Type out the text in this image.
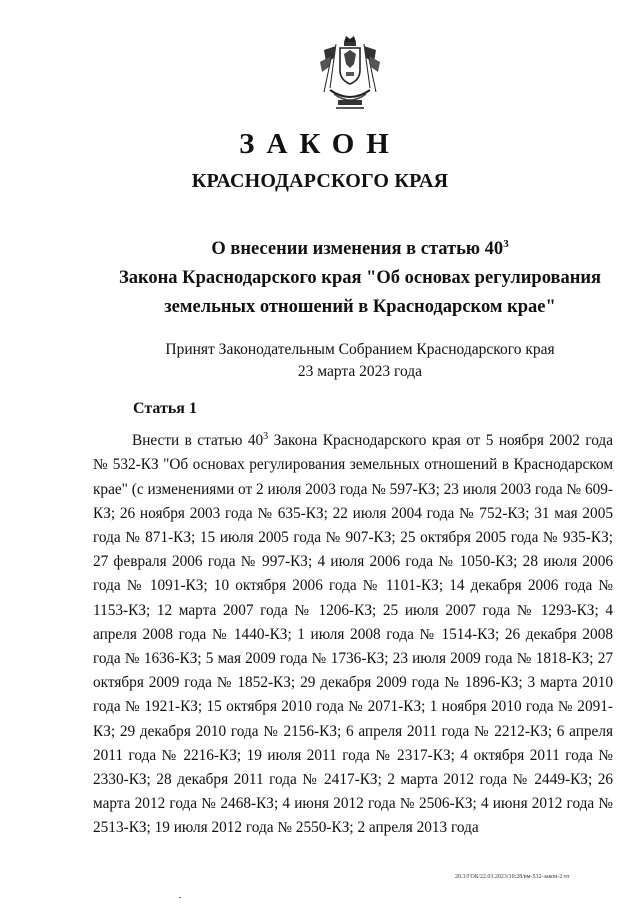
ЗАКОН
КРАСНОДАРСКОГО КРАЯ
О внесении изменения в статью $40^3$
Закона Краснодарского края "Об основах регулирования
земельных отношений в Краснодарском крае"
Принят Законодательным Собранием Краснодарского края
23 марта 2023 года
Статья 1

Внести в статью $40^3$ Закона Краснодарского края от 5 ноября 2002 года № 532-КЗ "Об основах регулирования земельных отношений в Краснодарском крае" (с изменениями от 2 июля 2003 года № 597-КЗ; 23 июля 2003 года № 609-КЗ; 26 ноября 2003 года № 635-КЗ; 22 июля 2004 года № 752-КЗ; 31 мая 2005 года № 871-КЗ; 15 июля 2005 года № 907-КЗ; 25 октября 2005 года № 935-КЗ; 27 февраля 2006 года № 997-КЗ; 4 июля 2006 года № 1050-КЗ; 28 июля 2006 года № 1091-КЗ; 10 октября 2006 года № 1101-КЗ; 14 декабря 2006 года № 1153-КЗ; 12 марта 2007 года № 1206-КЗ; 25 июля 2007 года № 1293-КЗ; 4 апреля 2008 года № 1440-КЗ; 1 июля 2008 года № 1514-КЗ; 26 декабря 2008 года № 1636-КЗ; 5 мая 2009 года № 1736-КЗ; 23 июля 2009 года № 1818-КЗ; 27 октября 2009 года № 1852-КЗ; 29 декабря 2009 года № 1896-КЗ; 3 марта 2010 года № 1921-КЗ; 15 октября 2010 года № 2071-КЗ; 1 ноября 2010 года № 2091-КЗ; 29 декабря 2010 года № 2156-КЗ; 6 апреля 2011 года № 2212-КЗ; 6 апреля 2011 года № 2216-КЗ; 19 июля 2011 года № 2317-КЗ; 4 октября 2011 года № 2330-КЗ; 28 декабря 2011 года № 2417-КЗ; 2 марта 2012 года № 2449-КЗ; 26 марта 2012 года № 2468-КЗ; 4 июня 2012 года № 2506-КЗ; 4 июня 2012 года № 2513-КЗ; 19 июля 2012 года № 2550-КЗ; 2 апреля 2013 года

20.3/ГОБ/22.03.2023/10:28/вм-532-закон-2.чт
